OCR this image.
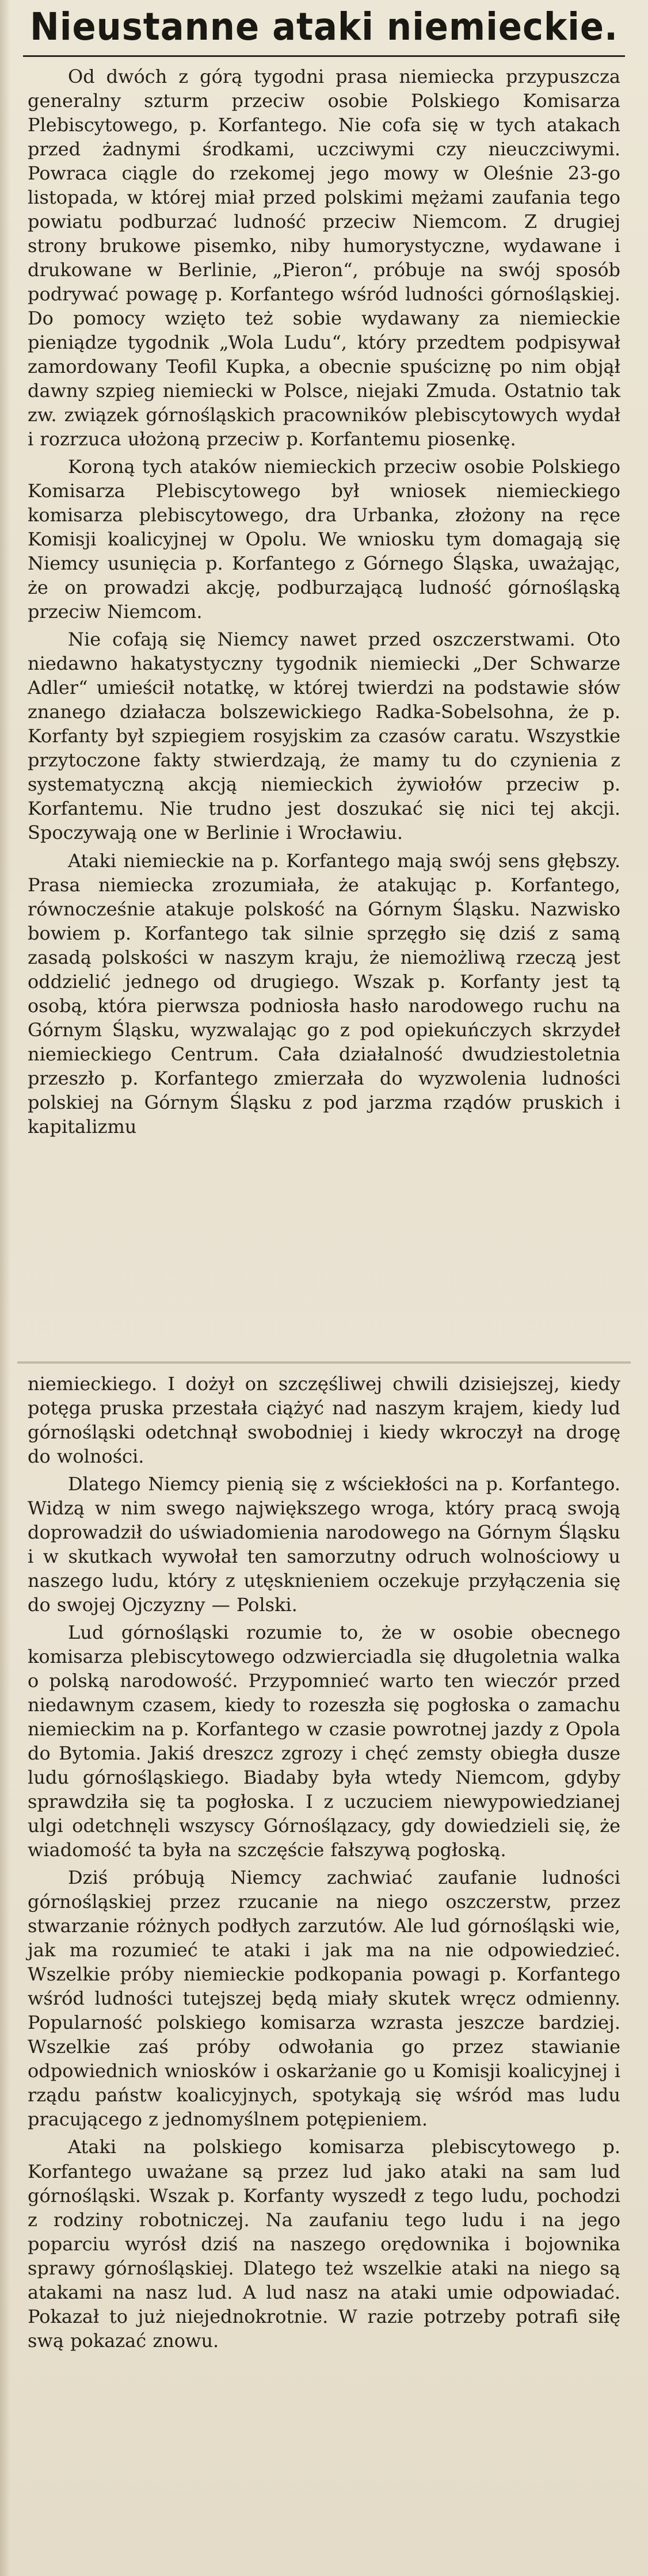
Nieustanne ataki niemieckie.

Od dwóch z górą tygodni prasa niemiecka przypuszcza generalny szturm przeciw osobie Polskiego Komisarza Plebiscytowego, p. Korfantego. Nie cofa się w tych atakach przed żadnymi środkami, uczciwymi czy nieuczciwymi. Powraca ciągle do rzekomej jego mowy w Oleśnie 23-go listopada, w której miał przed polskimi mężami zaufania tego powiatu podburzać ludność przeciw Niemcom. Z drugiej strony brukowe pisemko, niby humorystyczne, wydawane i drukowane w Berlinie, „Pieron“, próbuje na swój sposób podrywać powagę p. Korfantego wśród ludności górnośląskiej. Do pomocy wzięto też sobie wydawany za niemieckie pieniądze tygodnik „Wola Ludu“, który przedtem podpisywał zamordowany Teofil Kupka, a obecnie spuściznę po nim objął dawny szpieg niemiecki w Polsce, niejaki Zmuda. Ostatnio tak zw. związek górnośląskich pracowników plebiscytowych wydał i rozrzuca ułożoną przeciw p. Korfantemu piosenkę.

Koroną tych ataków niemieckich przeciw osobie Polskiego Komisarza Plebiscytowego był wniosek niemieckiego komisarza plebiscytowego, dra Urbanka, złożony na ręce Komisji koalicyjnej w Opolu. We wniosku tym domagają się Niemcy usunięcia p. Korfantego z Górnego Śląska, uważając, że on prowadzi akcję, podburzającą ludność górnośląską przeciw Niemcom.

Nie cofają się Niemcy nawet przed oszczerstwami. Oto niedawno hakatystyczny tygodnik niemiecki „Der Schwarze Adler“ umieścił notatkę, w której twierdzi na podstawie słów znanego działacza bolszewickiego Radka-Sobelsohna, że p. Korfanty był szpiegiem rosyjskim za czasów caratu. Wszystkie przytoczone fakty stwierdzają, że mamy tu do czynienia z systematyczną akcją niemieckich żywiołów przeciw p. Korfantemu. Nie trudno jest doszukać się nici tej akcji. Spoczywają one w Berlinie i Wrocławiu.

Ataki niemieckie na p. Korfantego mają swój sens głębszy. Prasa niemiecka zrozumiała, że atakując p. Korfantego, równocześnie atakuje polskość na Górnym Śląsku. Nazwisko bowiem p. Korfantego tak silnie sprzęgło się dziś z samą zasadą polskości w naszym kraju, że niemożliwą rzeczą jest oddzielić jednego od drugiego. Wszak p. Korfanty jest tą osobą, która pierwsza podniosła hasło narodowego ruchu na Górnym Śląsku, wyzwalając go z pod opiekuńczych skrzydeł niemieckiego Centrum. Cała działalność dwudziestoletnia przeszło p. Korfantego zmierzała do wyzwolenia ludności polskiej na Górnym Śląsku z pod jarzma rządów pruskich i kapitalizmu

niemieckiego. I dożył on szczęśliwej chwili dzisiejszej, kiedy potęga pruska przestała ciążyć nad naszym krajem, kiedy lud górnośląski odetchnął swobodniej i kiedy wkroczył na drogę do wolności.

Dlatego Niemcy pienią się z wściekłości na p. Korfantego. Widzą w nim swego największego wroga, który pracą swoją doprowadził do uświadomienia narodowego na Górnym Śląsku i w skutkach wywołał ten samorzutny odruch wolnościowy u naszego ludu, który z utęsknieniem oczekuje przyłączenia się do swojej Ojczyzny — Polski.

Lud górnośląski rozumie to, że w osobie obecnego komisarza plebiscytowego odzwierciadla się długoletnia walka o polską narodowość. Przypomnieć warto ten wieczór przed niedawnym czasem, kiedy to rozeszła się pogłoska o zamachu niemieckim na p. Korfantego w czasie powrotnej jazdy z Opola do Bytomia. Jakiś dreszcz zgrozy i chęć zemsty obiegła dusze ludu górnośląskiego. Biadaby była wtedy Niemcom, gdyby sprawdziła się ta pogłoska. I z uczuciem niewypowiedzianej ulgi odetchnęli wszyscy Górnoślązacy, gdy dowiedzieli się, że wiadomość ta była na szczęście fałszywą pogłoską.

Dziś próbują Niemcy zachwiać zaufanie ludności górnośląskiej przez rzucanie na niego oszczerstw, przez stwarzanie różnych podłych zarzutów. Ale lud górnośląski wie, jak ma rozumieć te ataki i jak ma na nie odpowiedzieć. Wszelkie próby niemieckie podkopania powagi p. Korfantego wśród ludności tutejszej będą miały skutek wręcz odmienny. Popularność polskiego komisarza wzrasta jeszcze bardziej. Wszelkie zaś próby odwołania go przez stawianie odpowiednich wniosków i oskarżanie go u Komisji koalicyjnej i rządu państw koalicyjnych, spotykają się wśród mas ludu pracującego z jednomyślnem potępieniem.

Ataki na polskiego komisarza plebiscytowego p. Korfantego uważane są przez lud jako ataki na sam lud górnośląski. Wszak p. Korfanty wyszedł z tego ludu, pochodzi z rodziny robotniczej. Na zaufaniu tego ludu i na jego poparciu wyrósł dziś na naszego orędownika i bojownika sprawy górnośląskiej. Dlatego też wszelkie ataki na niego są atakami na nasz lud. A lud nasz na ataki umie odpowiadać. Pokazał to już niejednokrotnie. W razie potrzeby potrafi siłę swą pokazać znowu.
